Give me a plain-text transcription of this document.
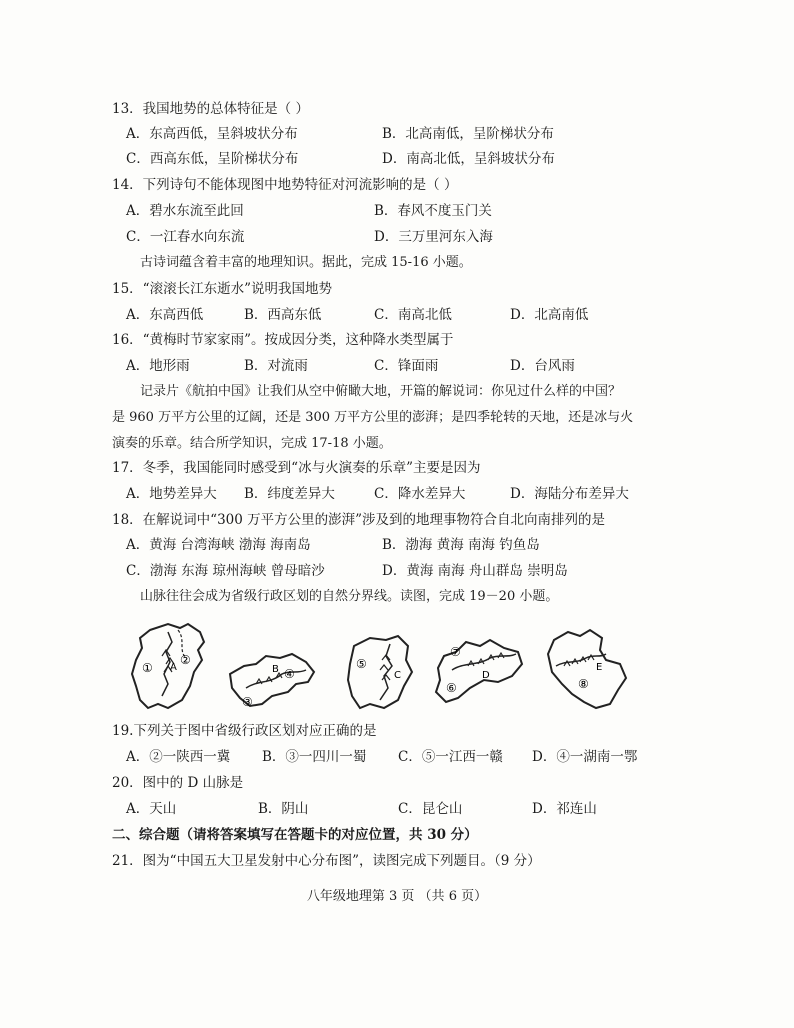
13．我国地势的总体特征是（ ）
A．东高西低，呈斜坡状分布	B．北高南低，呈阶梯状分布
C．西高东低，呈阶梯状分布	D．南高北低，呈斜坡状分布
14．下列诗句不能体现图中地势特征对河流影响的是（ ）
A．碧水东流至此回	B．春风不度玉门关
C．一江春水向东流	D．三万里河东入海
古诗词蕴含着丰富的地理知识。据此，完成 15-16 小题。
15．“滚滚长江东逝水”说明我国地势
A．东高西低	B．西高东低	C．南高北低	D．北高南低
16．“黄梅时节家家雨”。按成因分类，这种降水类型属于
A．地形雨	B．对流雨	C．锋面雨	D．台风雨
记录片《航拍中国》让我们从空中俯瞰大地，开篇的解说词：你见过什么样的中国？
是 960 万平方公里的辽阔，还是 300 万平方公里的澎湃；是四季轮转的天地，还是冰与火
演奏的乐章。结合所学知识，完成 17-18 小题。
17．冬季，我国能同时感受到“冰与火演奏的乐章”主要是因为
A．地势差异大 B．纬度差异大	C．降水差异大	D．海陆分布差异大
18．在解说词中“300 万平方公里的澎湃”涉及到的地理事物符合自北向南排列的是
A．黄海 台湾海峡 渤海 海南岛	B．渤海 黄海 南海 钓鱼岛
C．渤海 东海 琼州海峡 曾母暗沙	D．黄海 南海 舟山群岛 崇明岛
山脉往往会成为省级行政区划的自然分界线。读图，完成 19－20 小题。
① A
②
B ④
③
⑤
C
⑦
D
⑥
E
⑧
19.下列关于图中省级行政区划对应正确的是
A．②一陕西一冀 B．③一四川一蜀 C．⑤一江西一赣 D．④一湖南一鄂
20．图中的 D 山脉是
A．天山	B．阴山	C．昆仑山	D．祁连山
二、综合题（请将答案填写在答题卡的对应位置，共 30 分）
21．图为“中国五大卫星发射中心分布图”，读图完成下列题目。（9 分）
八年级地理第 3 页 （共 6 页）
